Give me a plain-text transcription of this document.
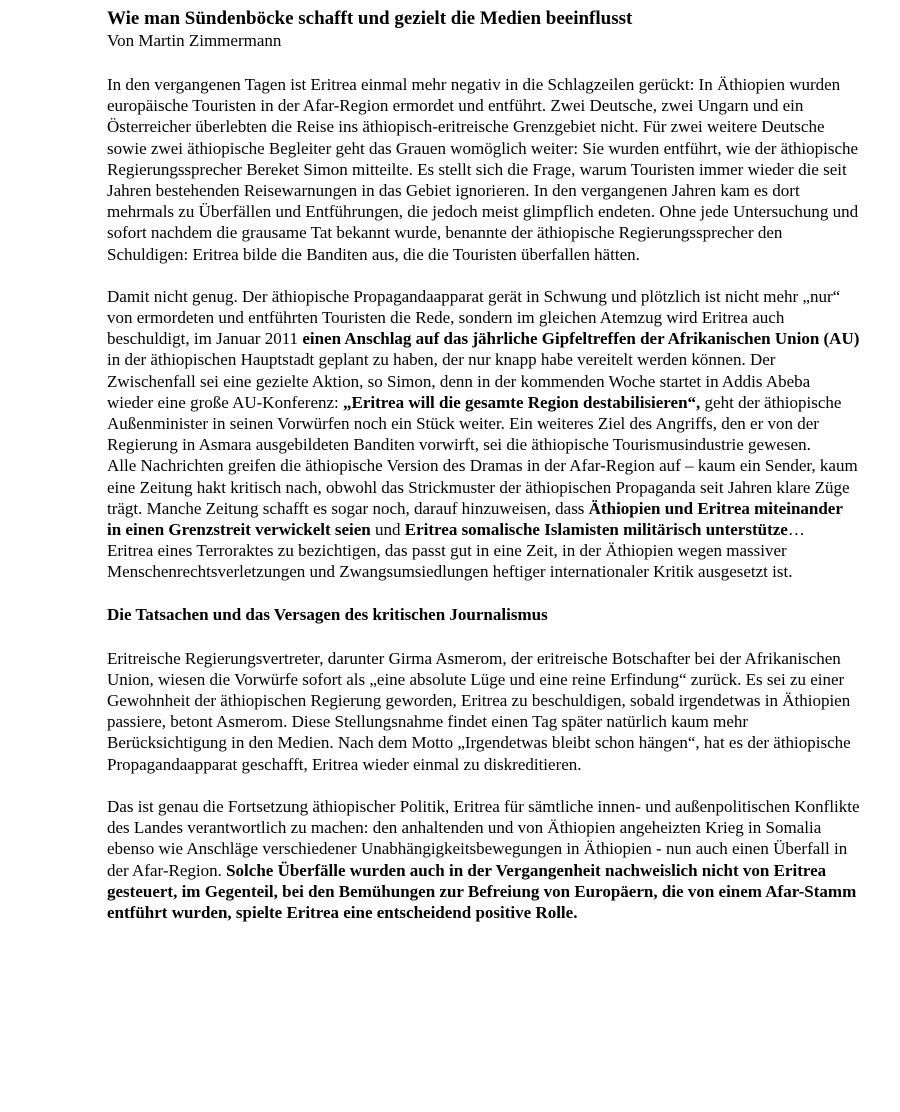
Wie man Sündenböcke schafft und gezielt die Medien beeinflusst

Von Martin Zimmermann

In den vergangenen Tagen ist Eritrea einmal mehr negativ in die Schlagzeilen gerückt: In Äthiopien wurden europäische Touristen in der Afar-Region ermordet und entführt. Zwei Deutsche, zwei Ungarn und ein Österreicher überlebten die Reise ins äthiopisch-eritreische Grenzgebiet nicht. Für zwei weitere Deutsche sowie zwei äthiopische Begleiter geht das Grauen womöglich weiter: Sie wurden entführt, wie der äthiopische Regierungssprecher Bereket Simon mitteilte. Es stellt sich die Frage, warum Touristen immer wieder die seit Jahren bestehenden Reisewarnungen in das Gebiet ignorieren. In den vergangenen Jahren kam es dort mehrmals zu Überfällen und Entführungen, die jedoch meist glimpflich endeten. Ohne jede Untersuchung und sofort nachdem die grausame Tat bekannt wurde, benannte der äthiopische Regierungssprecher den Schuldigen: Eritrea bilde die Banditen aus, die die Touristen überfallen hätten.

Damit nicht genug. Der äthiopische Propagandaapparat gerät in Schwung und plötzlich ist nicht mehr „nur“ von ermordeten und entführten Touristen die Rede, sondern im gleichen Atemzug wird Eritrea auch beschuldigt, im Januar 2011 einen Anschlag auf das jährliche Gipfeltreffen der Afrikanischen Union (AU) in der äthiopischen Hauptstadt geplant zu haben, der nur knapp habe vereitelt werden können. Der Zwischenfall sei eine gezielte Aktion, so Simon, denn in der kommenden Woche startet in Addis Abeba wieder eine große AU-Konferenz: „Eritrea will die gesamte Region destabilisieren“, geht der äthiopische Außenminister in seinen Vorwürfen noch ein Stück weiter. Ein weiteres Ziel des Angriffs, den er von der Regierung in Asmara ausgebildeten Banditen vorwirft, sei die äthiopische Tourismusindustrie gewesen.

Alle Nachrichten greifen die äthiopische Version des Dramas in der Afar-Region auf – kaum ein Sender, kaum eine Zeitung hakt kritisch nach, obwohl das Strickmuster der äthiopischen Propaganda seit Jahren klare Züge trägt. Manche Zeitung schafft es sogar noch, darauf hinzuweisen, dass Äthiopien und Eritrea miteinander in einen Grenzstreit verwickelt seien und Eritrea somalische Islamisten militärisch unterstütze…

Eritrea eines Terroraktes zu bezichtigen, das passt gut in eine Zeit, in der Äthiopien wegen massiver Menschenrechtsverletzungen und Zwangsumsiedlungen heftiger internationaler Kritik ausgesetzt ist.

Die Tatsachen und das Versagen des kritischen Journalismus

Eritreische Regierungsvertreter, darunter Girma Asmerom, der eritreische Botschafter bei der Afrikanischen Union, wiesen die Vorwürfe sofort als „eine absolute Lüge und eine reine Erfindung“ zurück. Es sei zu einer Gewohnheit der äthiopischen Regierung geworden, Eritrea zu beschuldigen, sobald irgendetwas in Äthiopien passiere, betont Asmerom. Diese Stellungsnahme findet einen Tag später natürlich kaum mehr Berücksichtigung in den Medien. Nach dem Motto „Irgendetwas bleibt schon hängen“, hat es der äthiopische Propagandaapparat geschafft, Eritrea wieder einmal zu diskreditieren.

Das ist genau die Fortsetzung äthiopischer Politik, Eritrea für sämtliche innen- und außenpolitischen Konflikte des Landes verantwortlich zu machen: den anhaltenden und von Äthiopien angeheizten Krieg in Somalia ebenso wie Anschläge verschiedener Unabhängigkeitsbewegungen in Äthiopien - nun auch einen Überfall in der Afar-Region. Solche Überfälle wurden auch in der Vergangenheit nachweislich nicht von Eritrea gesteuert, im Gegenteil, bei den Bemühungen zur Befreiung von Europäern, die von einem Afar-Stamm entführt wurden, spielte Eritrea eine entscheidend positive Rolle.
